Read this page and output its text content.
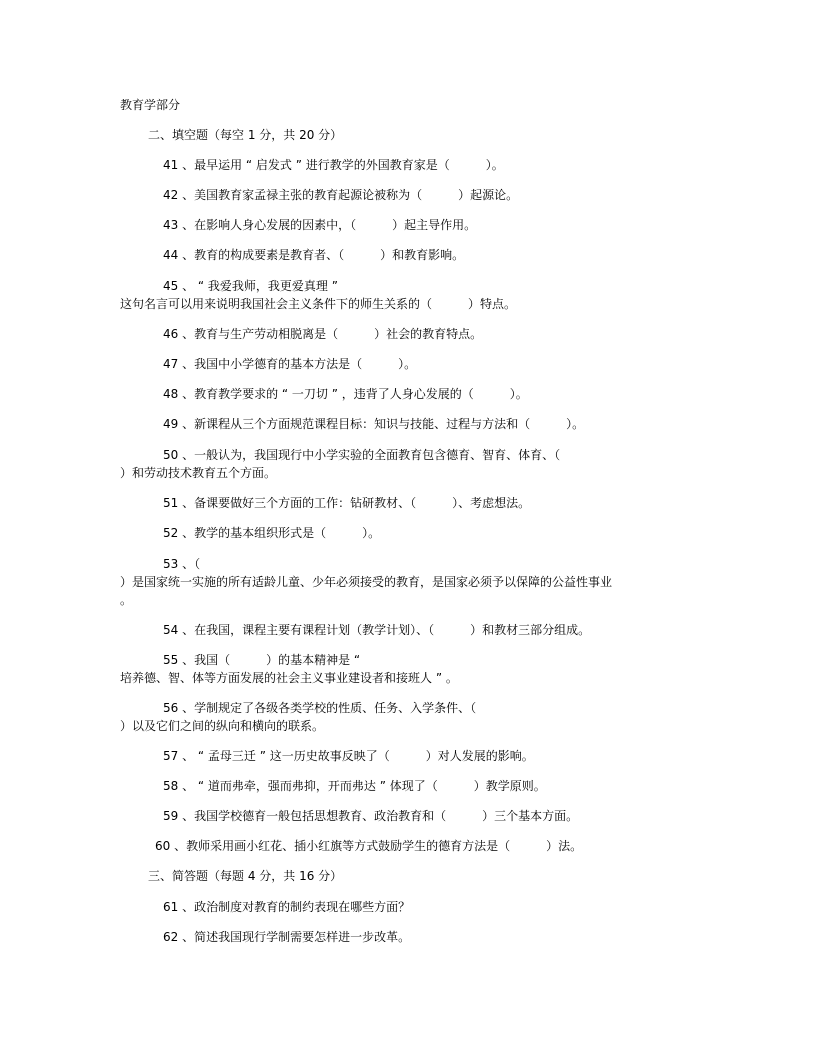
教育学部分
二、填空题（每空 1 分，共 20 分）
41 、最早运用 “ 启发式 ” 进行教学的外国教育家是（　　　）。
42 、美国教育家孟禄主张的教育起源论被称为（　　　）起源论。
43 、在影响人身心发展的因素中，（　　　）起主导作用。
44 、教育的构成要素是教育者、（　　　）和教育影响。
45 、 “ 我爱我师，我更爱真理 ”
这句名言可以用来说明我国社会主义条件下的师生关系的（　　　）特点。
46 、教育与生产劳动相脱离是（　　　）社会的教育特点。
47 、我国中小学德育的基本方法是（　　　）。
48 、教育教学要求的 “ 一刀切 ” ，违背了人身心发展的（　　　）。
49 、新课程从三个方面规范课程目标：知识与技能、过程与方法和（　　　）。
50 、一般认为，我国现行中小学实验的全面教育包含德育、智育、体育、（
）和劳动技术教育五个方面。
51 、备课要做好三个方面的工作：钻研教材、（　　　）、考虑想法。
52 、教学的基本组织形式是（　　　）。
53 、（
）是国家统一实施的所有适龄儿童、少年必须接受的教育，是国家必须予以保障的公益性事业
。
54 、在我国，课程主要有课程计划（教学计划）、（　　　）和教材三部分组成。
55 、我国（　　　）的基本精神是 “
培养德、智、体等方面发展的社会主义事业建设者和接班人 ” 。
56 、学制规定了各级各类学校的性质、任务、入学条件、（
）以及它们之间的纵向和横向的联系。
57 、 “ 孟母三迁 ” 这一历史故事反映了（　　　）对人发展的影响。
58 、 “ 道而弗牵，强而弗抑，开而弗达 ” 体现了（　　　）教学原则。
59 、我国学校德育一般包括思想教育、政治教育和（　　　）三个基本方面。
60 、教师采用画小红花、插小红旗等方式鼓励学生的德育方法是（　　　）法。
三、简答题（每题 4 分，共 16 分）
61 、政治制度对教育的制约表现在哪些方面？
62 、简述我国现行学制需要怎样进一步改革。
